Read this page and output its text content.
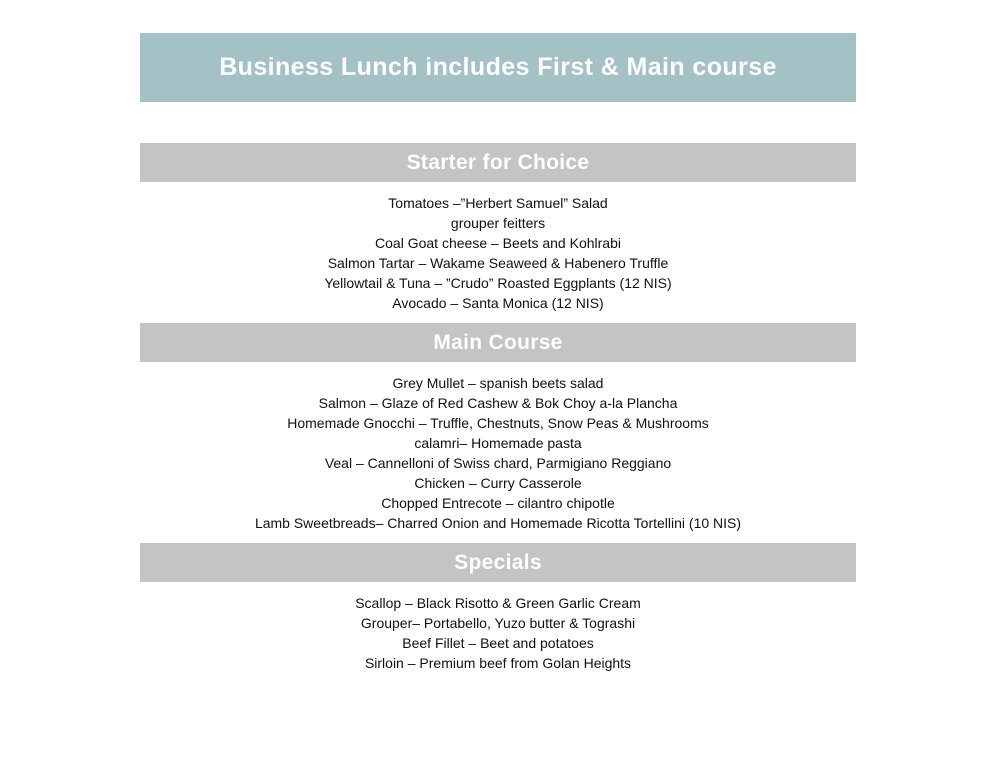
Business Lunch includes First & Main course
Starter for Choice
Tomatoes –”Herbert Samuel” Salad
grouper feitters
Coal Goat cheese – Beets and Kohlrabi
Salmon Tartar – Wakame Seaweed & Habenero Truffle
Yellowtail & Tuna – ”Crudo” Roasted Eggplants (12 NIS)
Avocado – Santa Monica (12 NIS)
Main Course
Grey Mullet – spanish beets salad
Salmon – Glaze of Red Cashew & Bok Choy a-la Plancha
Homemade Gnocchi – Truffle, Chestnuts, Snow Peas & Mushrooms
calamri– Homemade pasta
Veal – Cannelloni of Swiss chard, Parmigiano Reggiano
Chicken – Curry Casserole
Chopped Entrecote – cilantro chipotle
Lamb Sweetbreads– Charred Onion and Homemade Ricotta Tortellini (10 NIS)
Specials
Scallop – Black Risotto & Green Garlic Cream
Grouper– Portabello, Yuzo butter & Tograshi
Beef Fillet – Beet and potatoes
Sirloin – Premium beef from Golan Heights
